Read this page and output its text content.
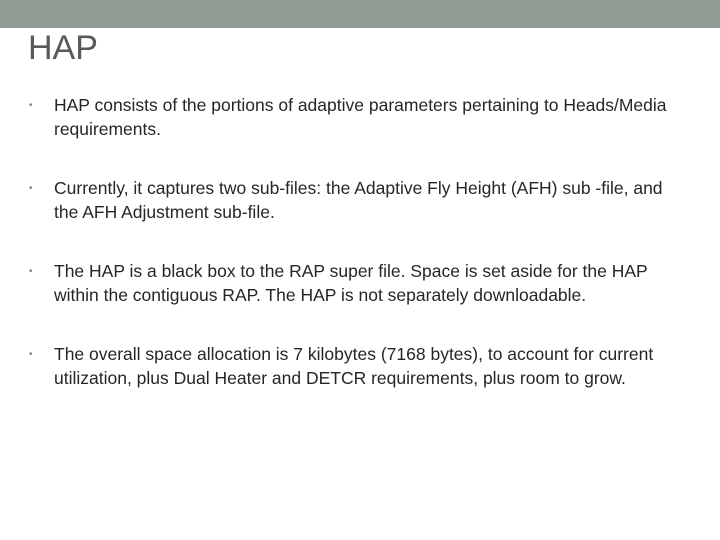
HAP
• HAP consists of the portions of adaptive parameters pertaining to Heads/Media requirements.
• Currently, it captures two sub-files: the Adaptive Fly Height (AFH) sub -file, and the AFH Adjustment sub-file.
• The HAP is a black box to the RAP super file. Space is set aside for the HAP within the contiguous RAP. The HAP is not separately downloadable.
• The overall space allocation is 7 kilobytes (7168 bytes), to account for current utilization, plus Dual Heater and DETCR requirements, plus room to grow.
